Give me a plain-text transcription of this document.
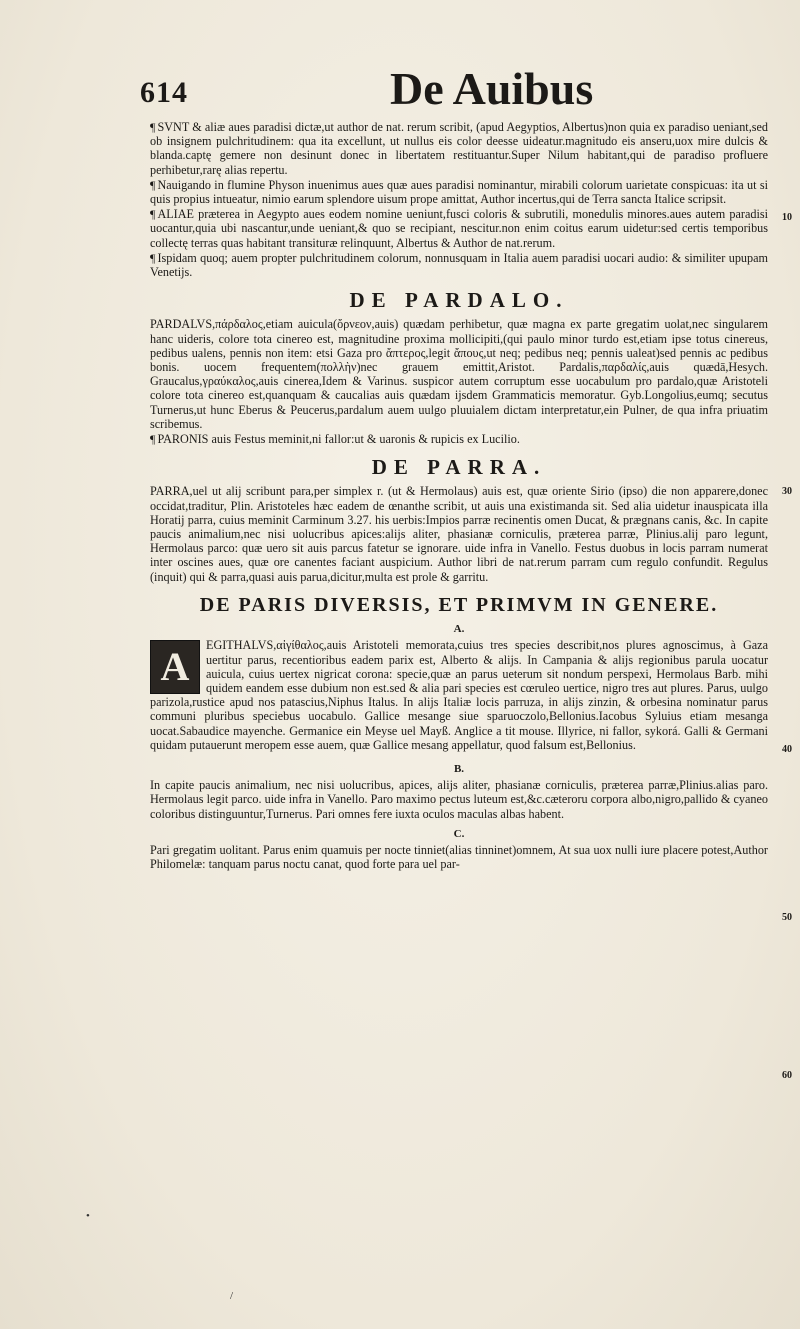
614	De Auibus

¶ SVNT & aliæ aues paradisi dictæ,ut author de nat. rerum scribit, (apud Aegyptios, Albertus)non quia ex paradiso ueniant,sed ob insignem pulchritudinem: qua ita excellunt, ut nullus eis color deesse uideatur.magnitudo eis anseru,uox mire dulcis & blanda.captę gemere non desinunt donec in libertatem restituantur.Super Nilum habitant,qui de paradiso profluere perhibetur,rarę alias repertu.

¶ Nauigando in flumine Physon inuenimus aues quæ aues paradisi nominantur, mirabili colorum uarietate conspicuas: ita ut si quis propius intueatur, nimio earum splendore uisum prope amittat, Author incertus,qui de Terra sancta Italice scripsit.

¶ ALIAE præterea in Aegypto aues eodem nomine ueniunt,fusci coloris & subrutili, monedulis minores.aues autem paradisi uocantur,quia ubi nascantur,unde ueniant,& quo se recipiant, nescitur.non enim coitus earum uidetur:sed certis temporibus collectę terras quas habitant transituræ relinquunt, Albertus & Author de nat.rerum.

¶ Ispidam quoq; auem propter pulchritudinem colorum, nonnusquam in Italia auem paradisi uocari audio: & similiter upupam Venetijs.

DE PARDALO.

PARDALVS,πάρδαλος,etiam auicula(ὄρνεον,auis) quædam perhibetur, quæ magna ex parte gregatim uolat,nec singularem hanc uideris, colore tota cinereo est, magnitudine proxima mollicipiti,(qui paulo minor turdo est,etiam ipse totus cinereus, pedibus ualens, pennis non item: etsi Gaza pro ἄπτερος,legit ἄπους,ut neq; pedibus neq; pennis ualeat)sed pennis ac pedibus bonis. uocem frequentem(πολλὴν)nec grauem emittit,Aristot. Pardalis,παρδαλίς,auis quædā,Hesych. Graucalus,γραύκαλος,auis cinerea,Idem & Varinus. suspicor autem corruptum esse uocabulum pro pardalo,quæ Aristoteli colore tota cinereo est,quanquam & caucalias auis quædam ijsdem Grammaticis memoratur. Gyb.Longolius,eumq; secutus Turnerus,ut hunc Eberus & Peucerus,pardalum auem uulgo pluuialem dictam interpretatur,ein Pulner, de qua infra priuatim scribemus.

¶ PARONIS auis Festus meminit,ni fallor:ut & uaronis & rupicis ex Lucilio.

DE PARRA.

PARRA,uel ut alij scribunt para,per simplex r. (ut & Hermolaus) auis est, quæ oriente Sirio (ipso) die non apparere,donec occidat,traditur, Plin. Aristoteles hæc eadem de œnanthe scribit, ut auis una existimanda sit. Sed alia uidetur inauspicata illa Horatij parra, cuius meminit Carminum 3.27. his uerbis:Impios parræ recinentis omen Ducat, & prægnans canis, &c. In capite paucis animalium,nec nisi uolucribus apices:alijs aliter, phasianæ corniculis, præterea parræ, Plinius.alij paro legunt, Hermolaus parco: quæ uero sit auis parcus fatetur se ignorare. uide infra in Vanello. Festus duobus in locis parram numerat inter oscines aues, quæ ore canentes faciant auspicium. Author libri de nat.rerum parram cum regulo confundit. Regulus (inquit) qui & parra,quasi auis parua,dicitur,multa est prole & garritu.

DE PARIS DIVERSIS, ET PRIMVM IN GENERE.
A.
A	EGITHALVS,αἰγίθαλος,auis Aristoteli memorata,cuius tres species describit,nos plures agnoscimus, à Gaza uertitur parus, recentioribus eadem parix est, Alberto & alijs. In Campania & alijs regionibus parula uocatur auicula, cuius uertex nigricat corona: specie,quæ an parus ueterum sit nondum perspexi, Hermolaus Barb. mihi quidem eandem esse dubium non est.sed & alia pari species est cœruleo uertice, nigro tres aut plures. Parus, uulgo parizola,rustice apud nos patascius,Niphus Italus. In alijs Italiæ locis parruza, in alijs zinzin, & orbesina nominatur parus communi pluribus speciebus uocabulo. Gallice mesange siue sparuoczolo,Bellonius.Iacobus Syluius etiam mesanga uocat.Sabaudice mayenche. Germanice ein Meyse uel Mayß. Anglice a tit mouse. Illyrice, ni fallor, sykorá. Galli & Germani quidam putauerunt meropem esse auem, quæ Gallice mesang appellatur, quod falsum est,Bellonius.

B.

In capite paucis animalium, nec nisi uolucribus, apices, alijs aliter, phasianæ corniculis, præterea parræ,Plinius.alias paro. Hermolaus legit parco. uide infra in Vanello. Paro maximo pectus luteum est,&c.cæteroru corpora albo,nigro,pallido & cyaneo coloribus distinguuntur,Turnerus. Pari omnes fere iuxta oculos maculas albas habent.

C.

Pari gregatim uolitant. Parus enim quamuis per nocte tinniet(alias tinninet)omnem, At sua uox nulli iure placere potest,Author Philomelæ: tanquam parus noctu canat, quod forte para uel par-

10
30
40
50
60
•
/
